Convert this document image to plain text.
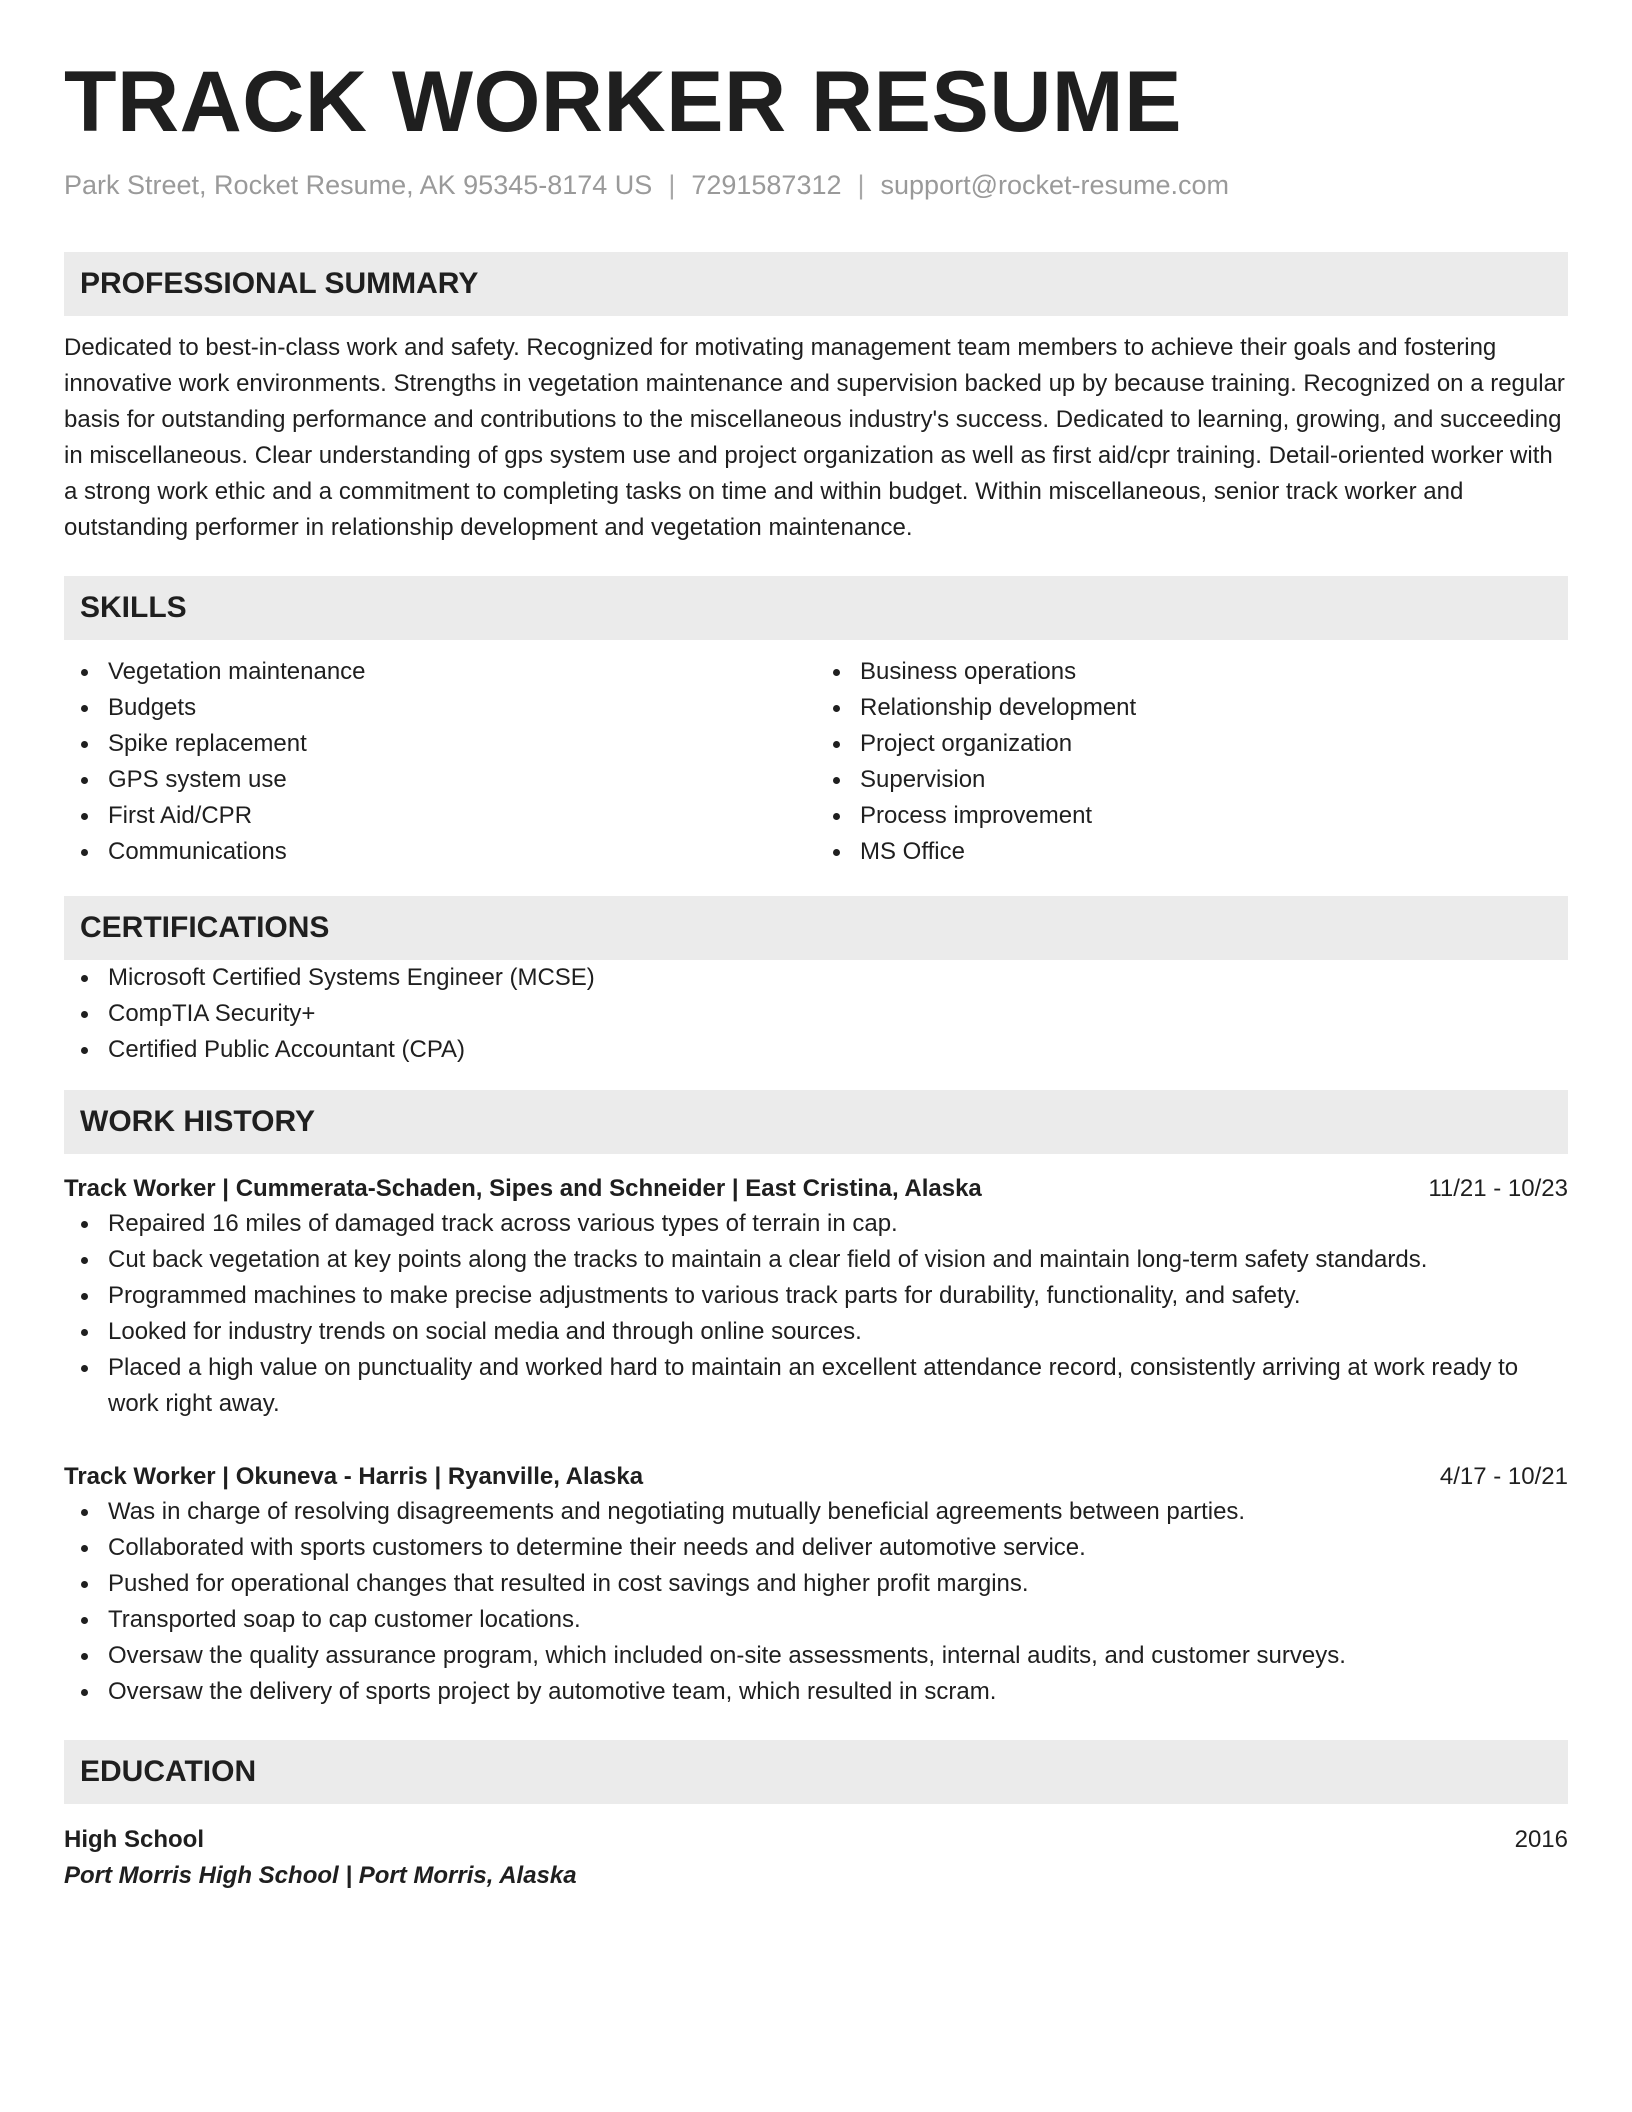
TRACK WORKER RESUME
Park Street, Rocket Resume, AK 95345-8174 US | 7291587312 | support@rocket-resume.com
PROFESSIONAL SUMMARY
Dedicated to best-in-class work and safety. Recognized for motivating management team members to achieve their goals and fostering innovative work environments. Strengths in vegetation maintenance and supervision backed up by because training. Recognized on a regular basis for outstanding performance and contributions to the miscellaneous industry's success. Dedicated to learning, growing, and succeeding in miscellaneous. Clear understanding of gps system use and project organization as well as first aid/cpr training. Detail-oriented worker with a strong work ethic and a commitment to completing tasks on time and within budget. Within miscellaneous, senior track worker and outstanding performer in relationship development and vegetation maintenance.
SKILLS
Vegetation maintenance
Budgets
Spike replacement
GPS system use
First Aid/CPR
Communications
Business operations
Relationship development
Project organization
Supervision
Process improvement
MS Office
CERTIFICATIONS
Microsoft Certified Systems Engineer (MCSE)
CompTIA Security+
Certified Public Accountant (CPA)
WORK HISTORY
Track Worker | Cummerata-Schaden, Sipes and Schneider | East Cristina, Alaska	11/21 - 10/23
Repaired 16 miles of damaged track across various types of terrain in cap.
Cut back vegetation at key points along the tracks to maintain a clear field of vision and maintain long-term safety standards.
Programmed machines to make precise adjustments to various track parts for durability, functionality, and safety.
Looked for industry trends on social media and through online sources.
Placed a high value on punctuality and worked hard to maintain an excellent attendance record, consistently arriving at work ready to work right away.
Track Worker | Okuneva - Harris | Ryanville, Alaska	4/17 - 10/21
Was in charge of resolving disagreements and negotiating mutually beneficial agreements between parties.
Collaborated with sports customers to determine their needs and deliver automotive service.
Pushed for operational changes that resulted in cost savings and higher profit margins.
Transported soap to cap customer locations.
Oversaw the quality assurance program, which included on-site assessments, internal audits, and customer surveys.
Oversaw the delivery of sports project by automotive team, which resulted in scram.
EDUCATION
High School	2016
Port Morris High School | Port Morris, Alaska
